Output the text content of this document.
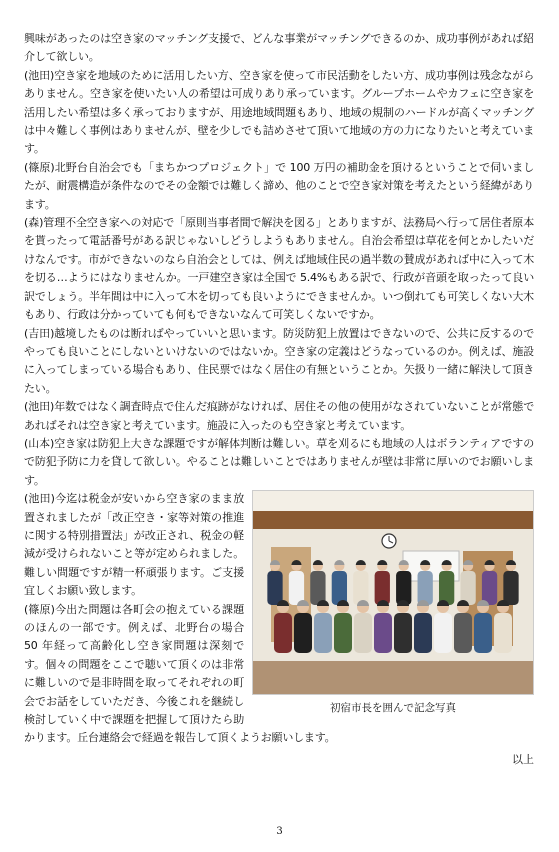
興味があったのは空き家のマッチング支援で、どんな事業がマッチングできるのか、成功事例があれば紹介して欲しい。

(池田)空き家を地域のために活用したい方、空き家を使って市民活動をしたい方、成功事例は残念ながらありません。空き家を使いたい人の希望は可成りあり承っています。グループホームやカフェに空き家を活用したい希望は多く承っておりますが、用途地域問題もあり、地域の規制のハードルが高くマッチングは中々難しく事例はありませんが、壁を少しでも詰めさせて頂いて地域の方の力になりたいと考えています。

(篠原)北野台自治会でも「まちかつプロジェクト」で 100 万円の補助金を頂けるということで伺いましたが、耐震構造が条件なのでその金額では難しく諦め、他のことで空き家対策を考えたという経緯があります。

(森)管理不全空き家への対応で「原則当事者間で解決を図る」とありますが、法務局へ行って居住者原本を貰ったって電話番号がある訳じゃないしどうしようもありません。自治会希望は草花を何とかしたいだけなんです。市ができないのなら自治会としては、例えば地域住民の過半数の賛成があれば中に入って木を切る…ようにはなりませんか。一戸建空き家は全国で 5.4%もある訳で、行政が音頭を取ったって良い訳でしょう。半年間は中に入って木を切っても良いようにできませんか。いつ倒れても可笑しくない大木もあり、行政は分かっていても何もできないなんて可笑しくないですか。

(吉田)越境したものは断ればやっていいと思います。防災防犯上放置はできないので、公共に反するのでやっても良いことにしないといけないのではないか。空き家の定義はどうなっているのか。例えば、施設に入ってしまっている場合もあり、住民票ではなく居住の有無ということか。矢扱り一緒に解決して頂きたい。

(池田)年数ではなく調査時点で住んだ痕跡がなければ、居住その他の使用がなされていないことが常態であればそれは空き家と考えています。施設に入ったのも空き家と考えています。

(山本)空き家は防犯上大きな課題ですが解体判断は難しい。草を刈るにも地域の人はボランティアですので防犯予防に力を貸して欲しい。やることは難しいことではありませんが壁は非常に厚いのでお願いします。

初宿市長を囲んで記念写真

(池田)今迄は税金が安いから空き家のまま放置されましたが「改正空き・家等対策の推進に関する特別措置法」が改正され、税金の軽減が受けられないこと等が定められました。難しい問題ですが精一杯頑張ります。ご支援宜しくお願い致します。

(篠原)今出た問題は各町会の抱えている課題のほんの一部です。例えば、北野台の場合 50 年経って高齢化し空き家問題は深刻です。個々の問題をここで聴いて頂くのは非常に難しいので是非時間を取ってそれぞれの町会でお話をしていただき、今後これを継続し検討していく中で課題を把握して頂けたら助かります。丘台連絡会で経過を報告して頂くようお願いします。

以上
3
